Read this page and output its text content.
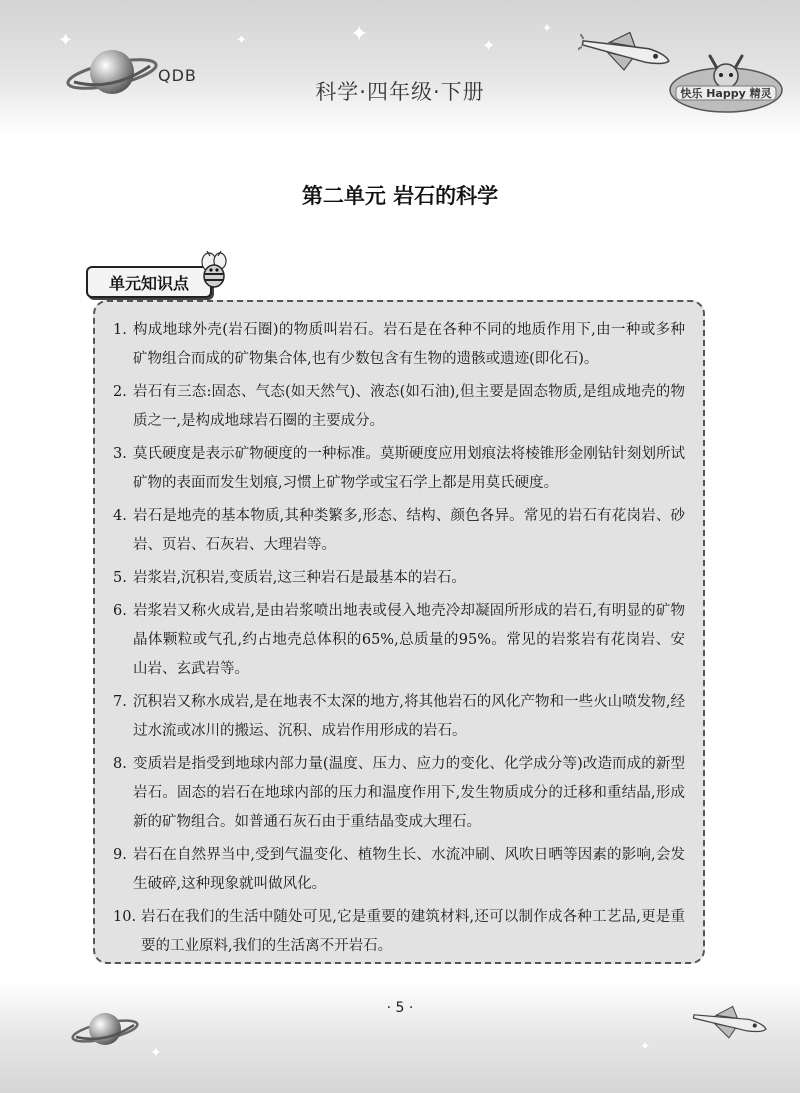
✦	✦	✦	✦
✦
✦	✦
QDB
科学·四年级·下册	快乐 Happy 精灵
第二单元 岩石的科学
单元知识点
1. 构成地球外壳(岩石圈)的物质叫岩石。岩石是在各种不同的地质作用下,由一种或多种矿物组合而成的矿物集合体,也有少数包含有生物的遗骸或遗迹(即化石)。
2. 岩石有三态:固态、气态(如天然气)、液态(如石油),但主要是固态物质,是组成地壳的物质之一,是构成地球岩石圈的主要成分。
3. 莫氏硬度是表示矿物硬度的一种标准。莫斯硬度应用划痕法将棱锥形金刚钻针刻划所试矿物的表面而发生划痕,习惯上矿物学或宝石学上都是用莫氏硬度。
4. 岩石是地壳的基本物质,其种类繁多,形态、结构、颜色各异。常见的岩石有花岗岩、砂岩、页岩、石灰岩、大理岩等。
5. 岩浆岩,沉积岩,变质岩,这三种岩石是最基本的岩石。
6. 岩浆岩又称火成岩,是由岩浆喷出地表或侵入地壳冷却凝固所形成的岩石,有明显的矿物晶体颗粒或气孔,约占地壳总体积的65%,总质量的95%。常见的岩浆岩有花岗岩、安山岩、玄武岩等。
7. 沉积岩又称水成岩,是在地表不太深的地方,将其他岩石的风化产物和一些火山喷发物,经过水流或冰川的搬运、沉积、成岩作用形成的岩石。
8. 变质岩是指受到地球内部力量(温度、压力、应力的变化、化学成分等)改造而成的新型岩石。固态的岩石在地球内部的压力和温度作用下,发生物质成分的迁移和重结晶,形成新的矿物组合。如普通石灰石由于重结晶变成大理石。
9. 岩石在自然界当中,受到气温变化、植物生长、水流冲刷、风吹日晒等因素的影响,会发生破碎,这种现象就叫做风化。
10. 岩石在我们的生活中随处可见,它是重要的建筑材料,还可以制作成各种工艺品,更是重要的工业原料,我们的生活离不开岩石。
· 5 ·
